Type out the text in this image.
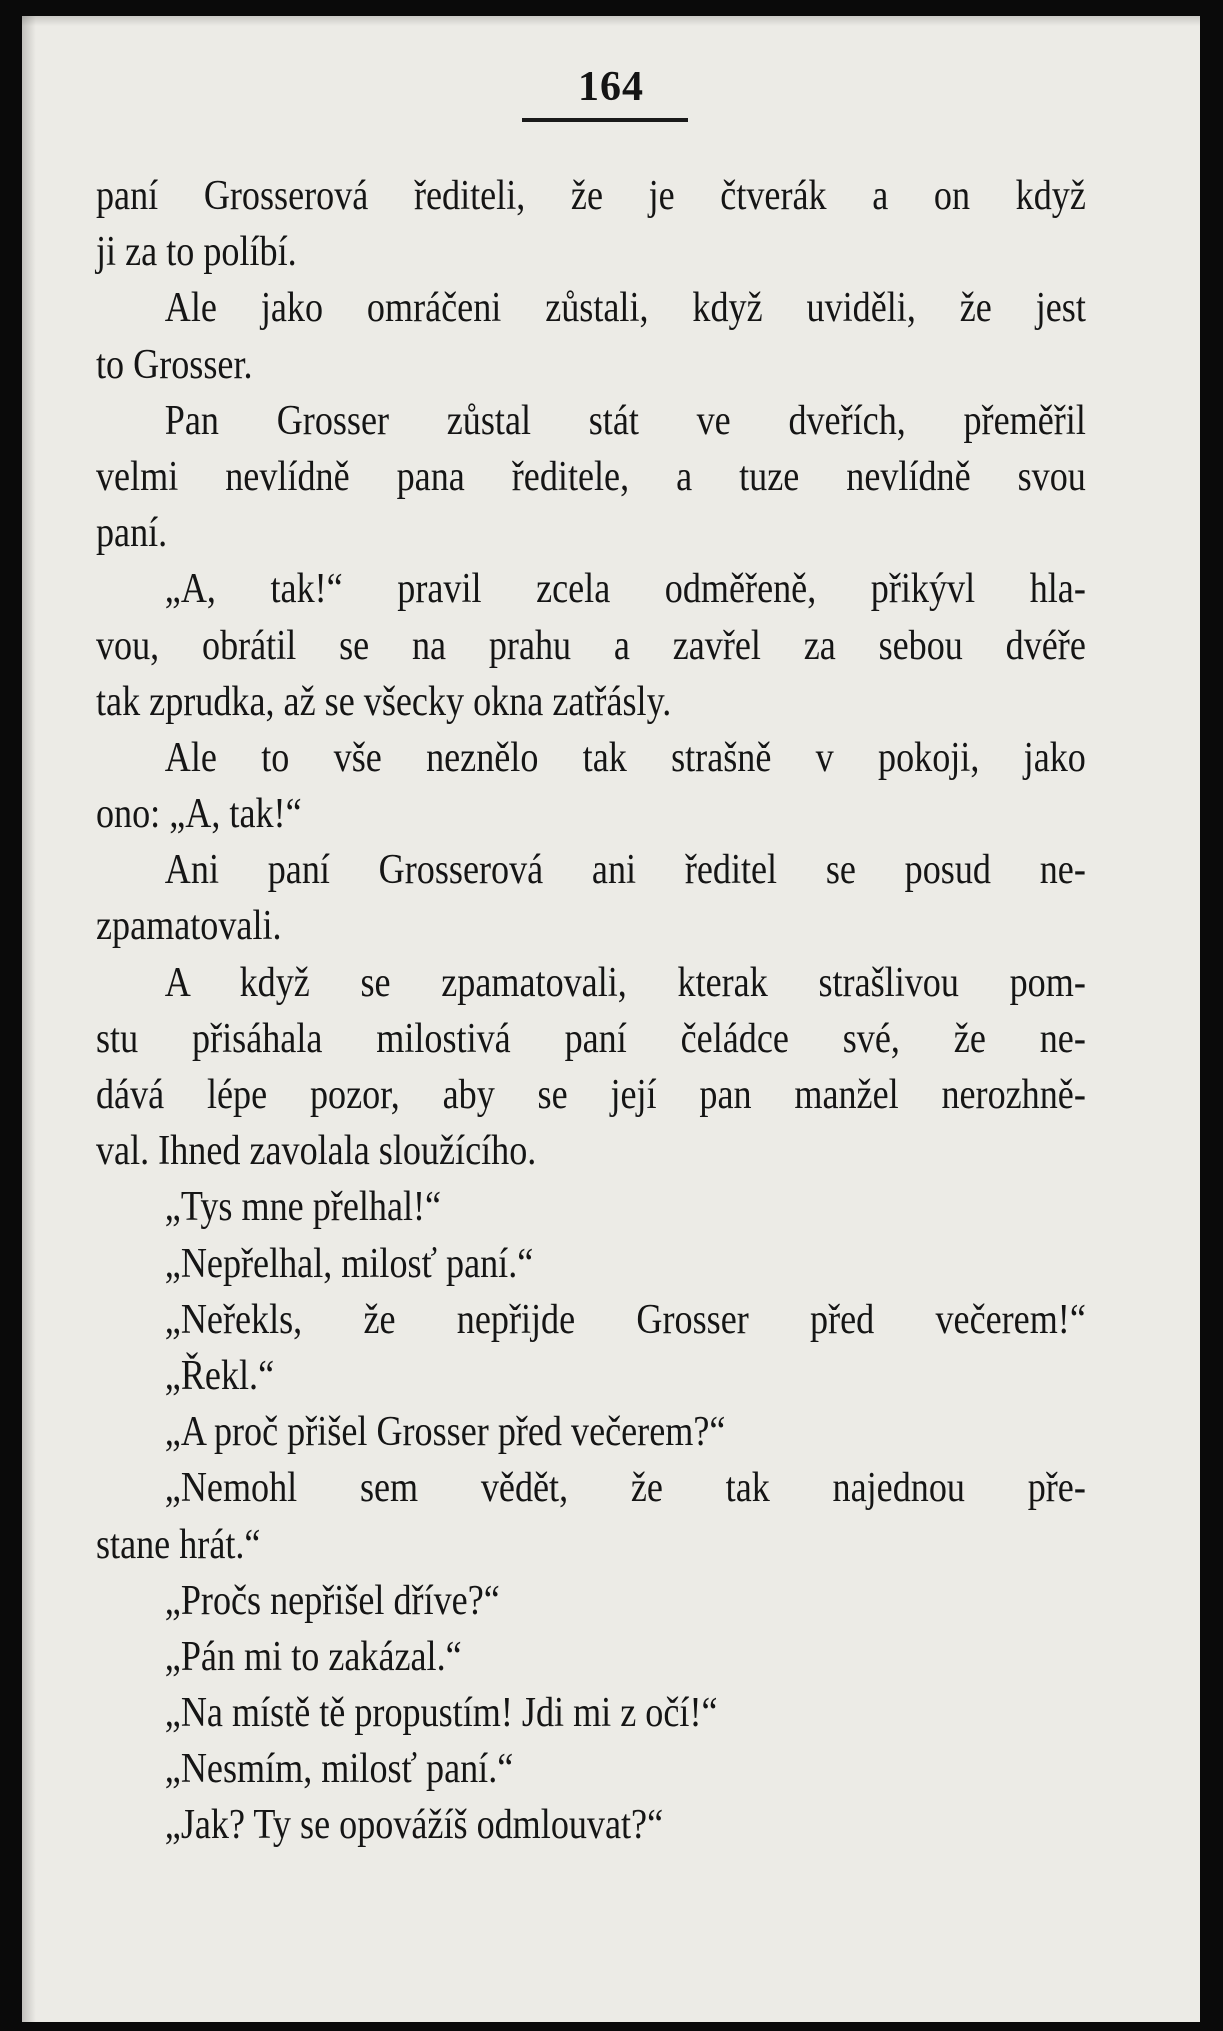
164
paní Grosserová řediteli, že je čtverák a on když
ji za to políbí.
Ale jako omráčeni zůstali, když uviděli, že jest
to Grosser.
Pan Grosser zůstal stát ve dveřích, přeměřil
velmi nevlídně pana ředitele, a tuze nevlídně svou
paní.
„A, tak!“ pravil zcela odměřeně, přikývl hla-
vou, obrátil se na prahu a zavřel za sebou dvéře
tak zprudka, až se všecky okna zatřásly.
Ale to vše neznělo tak strašně v pokoji, jako
ono: „A, tak!“
Ani paní Grosserová ani ředitel se posud ne-
zpamatovali.
A když se zpamatovali, kterak strašlivou pom-
stu přisáhala milostivá paní čeládce své, že ne-
dává lépe pozor, aby se její pan manžel nerozhně-
val. Ihned zavolala sloužícího.
„Tys mne přelhal!“
„Nepřelhal, milosť paní.“
„Neřekls, že nepřijde Grosser před večerem!“
„Řekl.“
„A proč přišel Grosser před večerem?“
„Nemohl sem vědět, že tak najednou pře-
stane hrát.“
„Pročs nepřišel dříve?“
„Pán mi to zakázal.“
„Na místě tě propustím! Jdi mi z očí!“
„Nesmím, milosť paní.“
„Jak? Ty se opovážíš odmlouvat?“
